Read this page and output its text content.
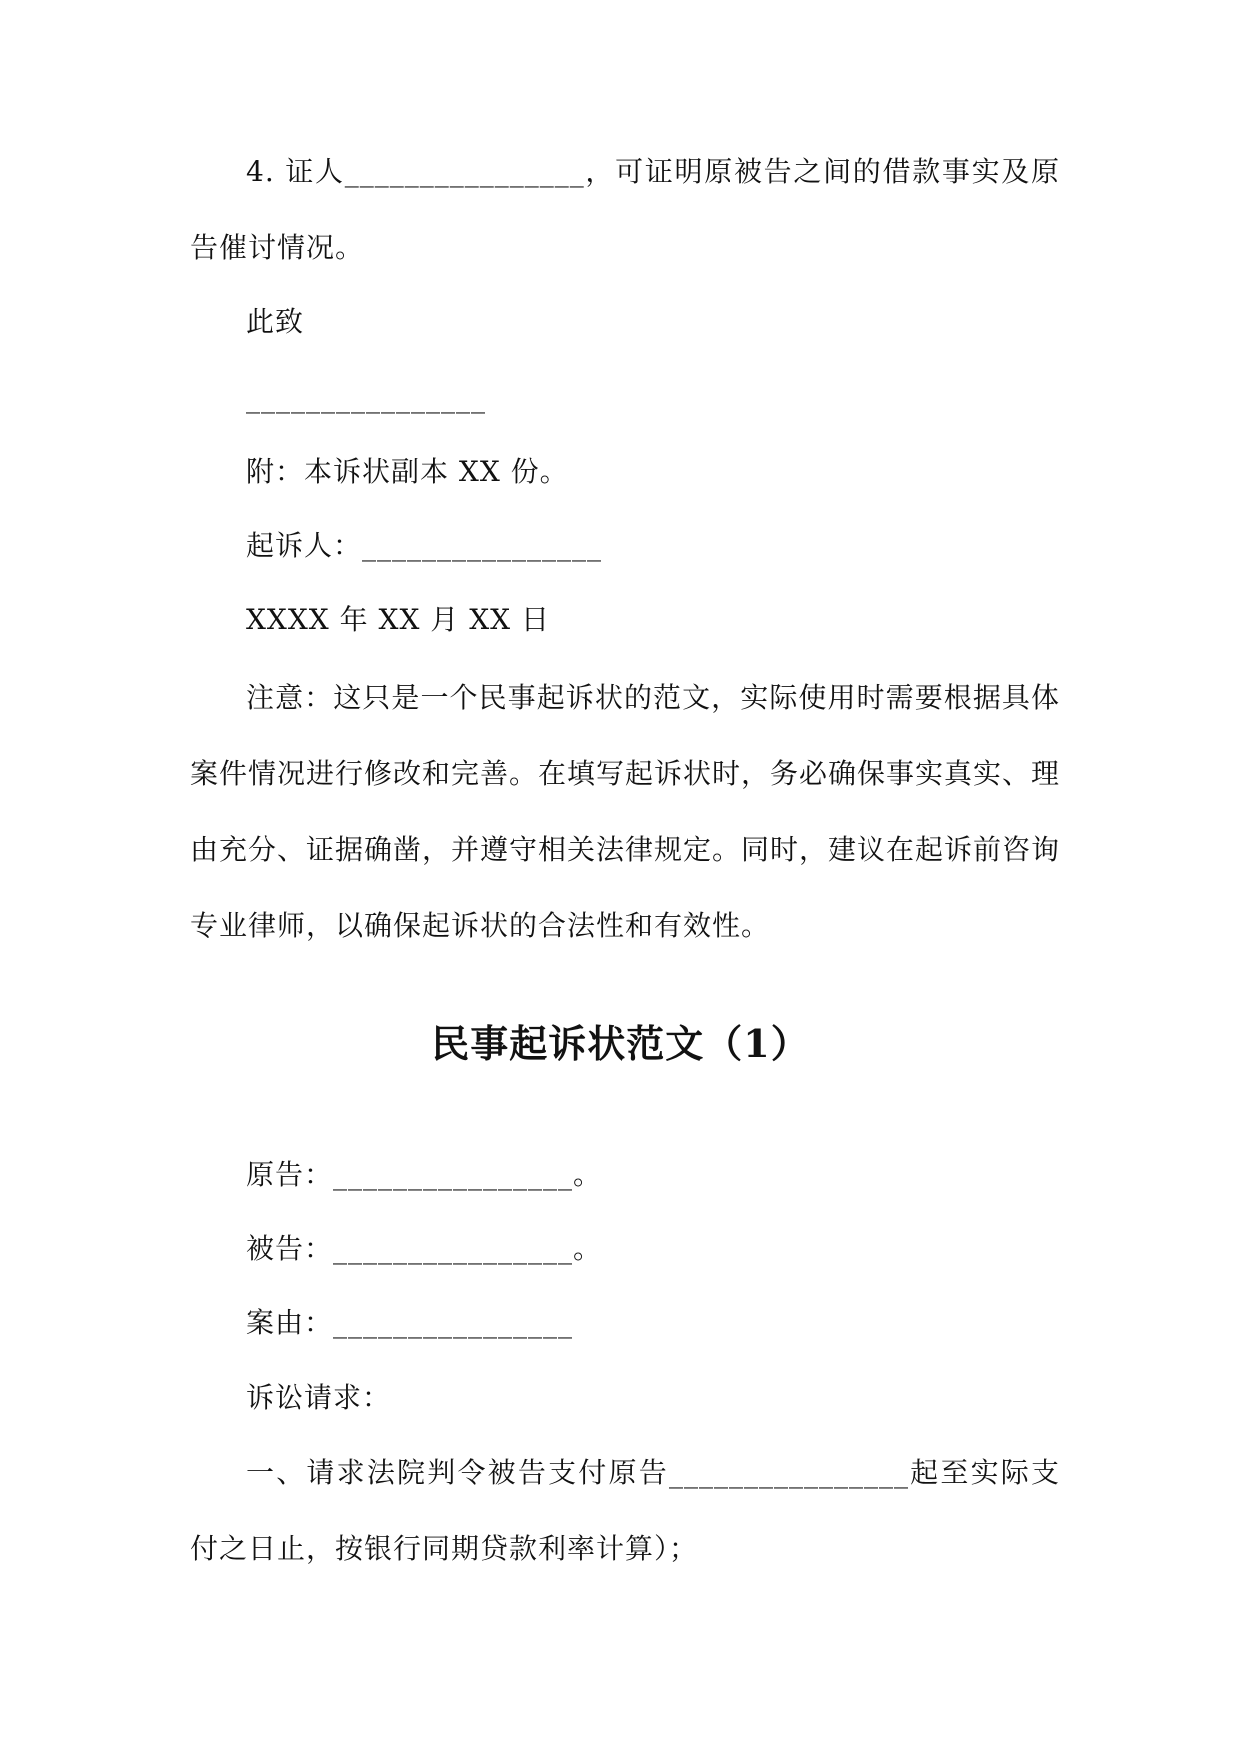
4. 证人________________，可证明原被告之间的借款事实及原告催讨情况。

此致

________________

附：本诉状副本 XX 份。

起诉人：________________

XXXX 年 XX 月 XX 日

注意：这只是一个民事起诉状的范文，实际使用时需要根据具体案件情况进行修改和完善。在填写起诉状时，务必确保事实真实、理由充分、证据确凿，并遵守相关法律规定。同时，建议在起诉前咨询专业律师，以确保起诉状的合法性和有效性。

民事起诉状范文（1）

原告：________________。

被告：________________。

案由：________________

诉讼请求：

一、请求法院判令被告支付原告________________起至实际支付之日止，按银行同期贷款利率计算）；
